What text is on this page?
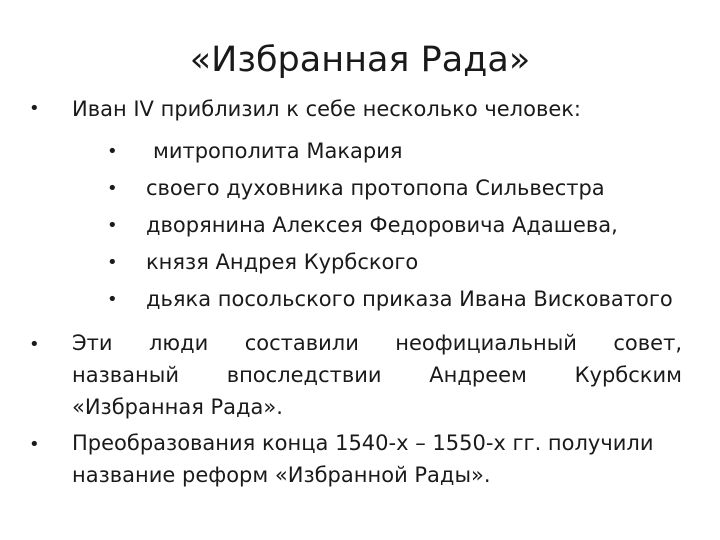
«Избранная Рада»
• Иван IV приблизил к себе несколько человек:
• митрополита Макария
• своего духовника протопопа Сильвестра
• дворянина Алексея Федоровича Адашева,
• князя Андрея Курбского
• дьяка посольского приказа Ивана Висковатого
• Эти люди составили неофициальный совет,
названый впоследствии Андреем Курбским
«Избранная Рада».
• Преобразования конца 1540-х – 1550-х гг. получили
название реформ «Избранной Рады».
